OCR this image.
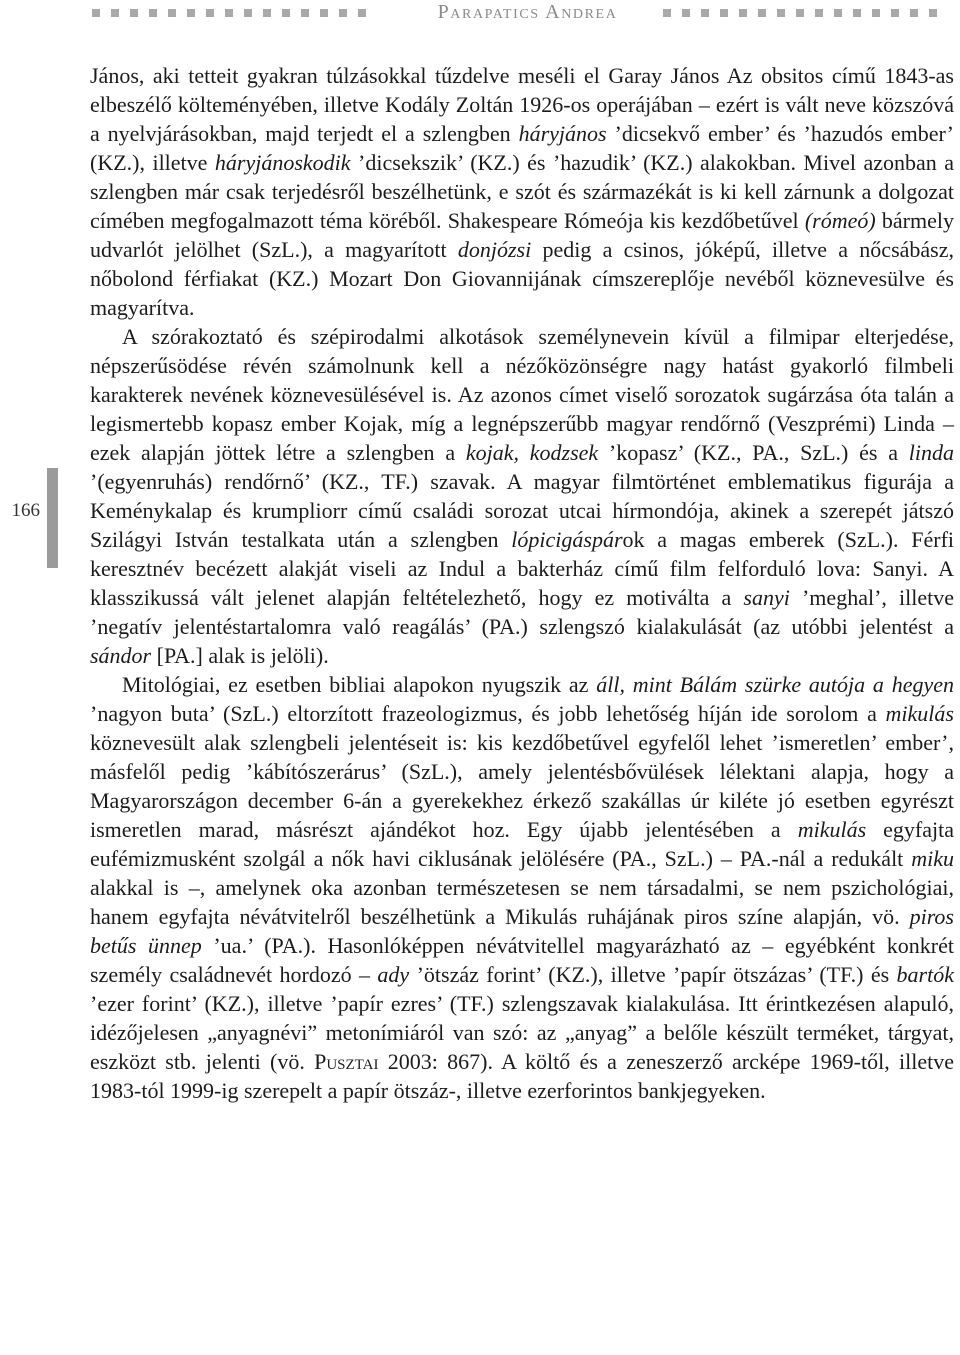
Parapatics Andrea
166

János, aki tetteit gyakran túlzásokkal tűzdelve meséli el Garay János Az obsitos című 1843-as elbeszélő költeményében, illetve Kodály Zoltán 1926-os operájában – ezért is vált neve közszóvá a nyelvjárásokban, majd terjedt el a szlengben háryjános ’dicsekvő ember’ és ’hazudós ember’ (KZ.), illetve háryjánoskodik ’dicsekszik’ (KZ.) és ’hazudik’ (KZ.) alakokban. Mivel azonban a szlengben már csak terjedésről beszélhetünk, e szót és származékát is ki kell zárnunk a dolgozat címében megfogalmazott téma köréből. Shakespeare Rómeója kis kezdőbetűvel (rómeó) bármely udvarlót jelölhet (SzL.), a magyarított donjózsi pedig a csinos, jóképű, illetve a nőcsábász, nőbolond férfiakat (KZ.) Mozart Don Giovannijának címszereplője nevéből köznevesülve és magyarítva.

A szórakoztató és szépirodalmi alkotások személynevein kívül a filmipar elterjedése, népszerűsödése révén számolnunk kell a nézőközönségre nagy hatást gyakorló filmbeli karakterek nevének köznevesülésével is. Az azonos címet viselő sorozatok sugárzása óta talán a legismertebb kopasz ember Kojak, míg a legnépszerűbb magyar rendőrnő (Veszprémi) Linda – ezek alapján jöttek létre a szlengben a kojak, kodzsek ’kopasz’ (KZ., PA., SzL.) és a linda ’(egyenruhás) rendőrnő’ (KZ., TF.) szavak. A magyar filmtörténet emblematikus figurája a Keménykalap és krumpliorr című családi sorozat utcai hírmondója, akinek a szerepét játszó Szilágyi István testalkata után a szlengben lópicigáspárok a magas emberek (SzL.). Férfi keresztnév becézett alakját viseli az Indul a bakterház című film felforduló lova: Sanyi. A klasszikussá vált jelenet alapján feltételezhető, hogy ez motiválta a sanyi ’meghal’, illetve ’negatív jelentéstartalomra való reagálás’ (PA.) szlengszó kialakulását (az utóbbi jelentést a sándor [PA.] alak is jelöli).

Mitológiai, ez esetben bibliai alapokon nyugszik az áll, mint Bálám szürke autója a hegyen ’nagyon buta’ (SzL.) eltorzított frazeologizmus, és jobb lehetőség híján ide sorolom a mikulás köznevesült alak szlengbeli jelentéseit is: kis kezdőbetűvel egyfelől lehet ’ismeretlen’ ember’, másfelől pedig ’kábítószerárus’ (SzL.), amely jelentésbővülések lélektani alapja, hogy a Magyarországon december 6-án a gyerekekhez érkező szakállas úr kiléte jó esetben egyrészt ismeretlen marad, másrészt ajándékot hoz. Egy újabb jelentésében a mikulás egyfajta eufémizmusként szolgál a nők havi ciklusának jelölésére (PA., SzL.) – PA.-nál a redukált miku alakkal is –, amelynek oka azonban természetesen se nem társadalmi, se nem pszichológiai, hanem egyfajta névátvitelről beszélhetünk a Mikulás ruhájának piros színe alapján, vö. piros betűs ünnep ’ua.’ (PA.). Hasonlóképpen névátvitellel magyarázható az – egyébként konkrét személy családnevét hordozó – ady ’ötszáz forint’ (KZ.), illetve ’papír ötszázas’ (TF.) és bartók ’ezer forint’ (KZ.), illetve ’papír ezres’ (TF.) szlengszavak kialakulása. Itt érintkezésen alapuló, idézőjelesen „anyagnévi” metonímiáról van szó: az „anyag” a belőle készült terméket, tárgyat, eszközt stb. jelenti (vö. Pusztai 2003: 867). A költő és a zeneszerző arcképe 1969-től, illetve 1983-tól 1999-ig szerepelt a papír ötszáz-, illetve ezerforintos bankjegyeken.
